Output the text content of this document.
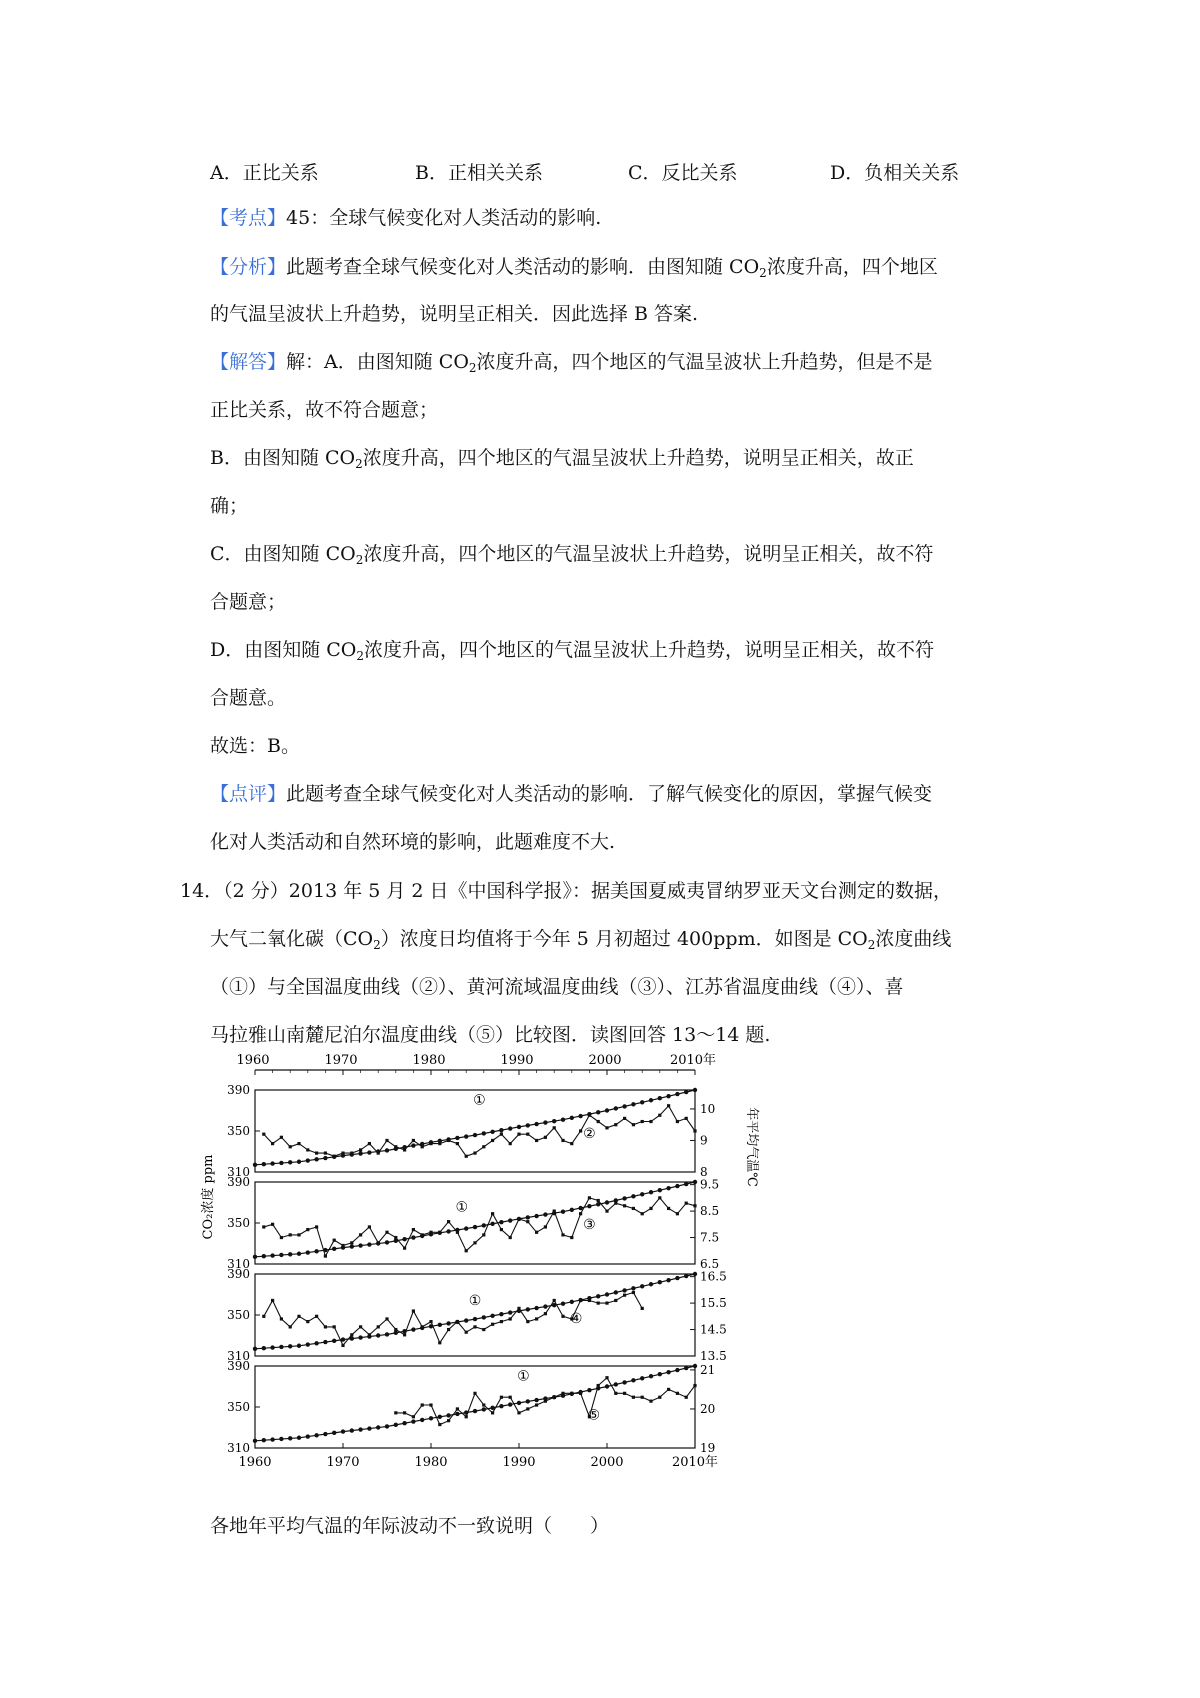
A．正比关系	B．正相关关系	C．反比关系	D．负相关关系
【考点】45：全球气候变化对人类活动的影响.
【分析】此题考查全球气候变化对人类活动的影响．由图知随 $CO_2$浓度升高，四个地区
的气温呈波状上升趋势，说明呈正相关．因此选择 B 答案.
【解答】解：A．由图知随 $CO_2$浓度升高，四个地区的气温呈波状上升趋势，但是不是
正比关系，故不符合题意；
B．由图知随 $CO_2$浓度升高，四个地区的气温呈波状上升趋势，说明呈正相关，故正
确；
C．由图知随 $CO_2$浓度升高，四个地区的气温呈波状上升趋势，说明呈正相关，故不符
合题意；
D．由图知随 $CO_2$浓度升高，四个地区的气温呈波状上升趋势，说明呈正相关，故不符
合题意。
故选：B。
【点评】此题考查全球气候变化对人类活动的影响．了解气候变化的原因，掌握气候变
化对人类活动和自然环境的影响，此题难度不大.
14．（2 分）2013 年 5 月 2 日《中国科学报》：据美国夏威夷冒纳罗亚天文台测定的数据，
大气二氧化碳$(CO_2)$浓度日均值将于今年 5 月初超过 400ppm．如图是 $CO_2$浓度曲线
（①）与全国温度曲线（②）、黄河流域温度曲线（③）、江苏省温度曲线（④）、喜
马拉雅山南麓尼泊尔温度曲线（⑤）比较图．读图回答 13～14 题.
1960	1970	1980	1990	2000	2010年
CO₂浓度 ppm
年平均气温℃
310
350
390
8
9
10
①
②
310
350
390
6.5
7.5
8.5
9.5
①
③
310
350
390
13.5
14.5
15.5
16.5
①
④
310
350
390
19
20
21
①
⑤
1960	1970	1980	1990	2000	2010年
各地年平均气温的年际波动不一致说明（　　）
